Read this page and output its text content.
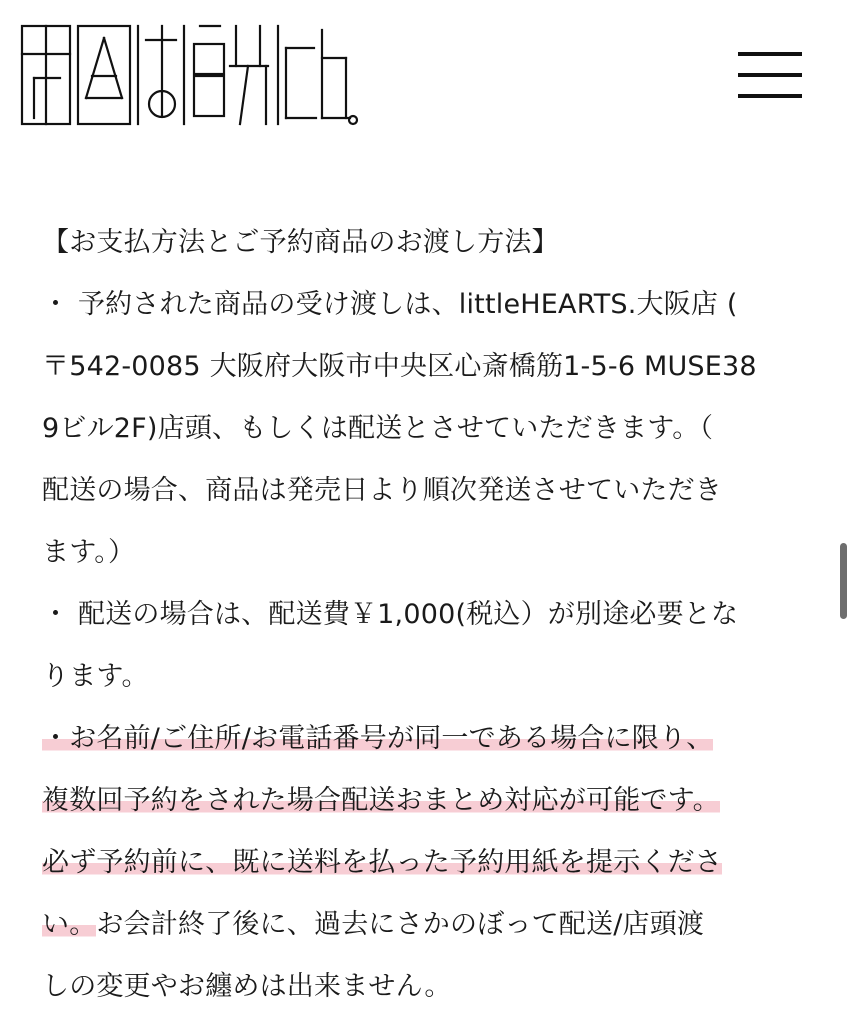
【お支払方法とご予約商品のお渡し方法】
・ 予約された商品の受け渡しは、littleHEARTS.大阪店 (
〒542-0085 大阪府大阪市中央区心斎橋筋1-5-6 MUSE38
9ビル2F)店頭、もしくは配送とさせていただきます。（
配送の場合、商品は発売日より順次発送させていただき
ます。）
・ 配送の場合は、配送費￥1,000(税込）が別途必要とな
ります。
・お名前/ご住所/お電話番号が同一である場合に限り、
複数回予約をされた場合配送おまとめ対応が可能です。
必ず予約前に、既に送料を払った予約用紙を提示くださ
い。お会計終了後に、過去にさかのぼって配送/店頭渡
しの変更やお纏めは出来ません。
